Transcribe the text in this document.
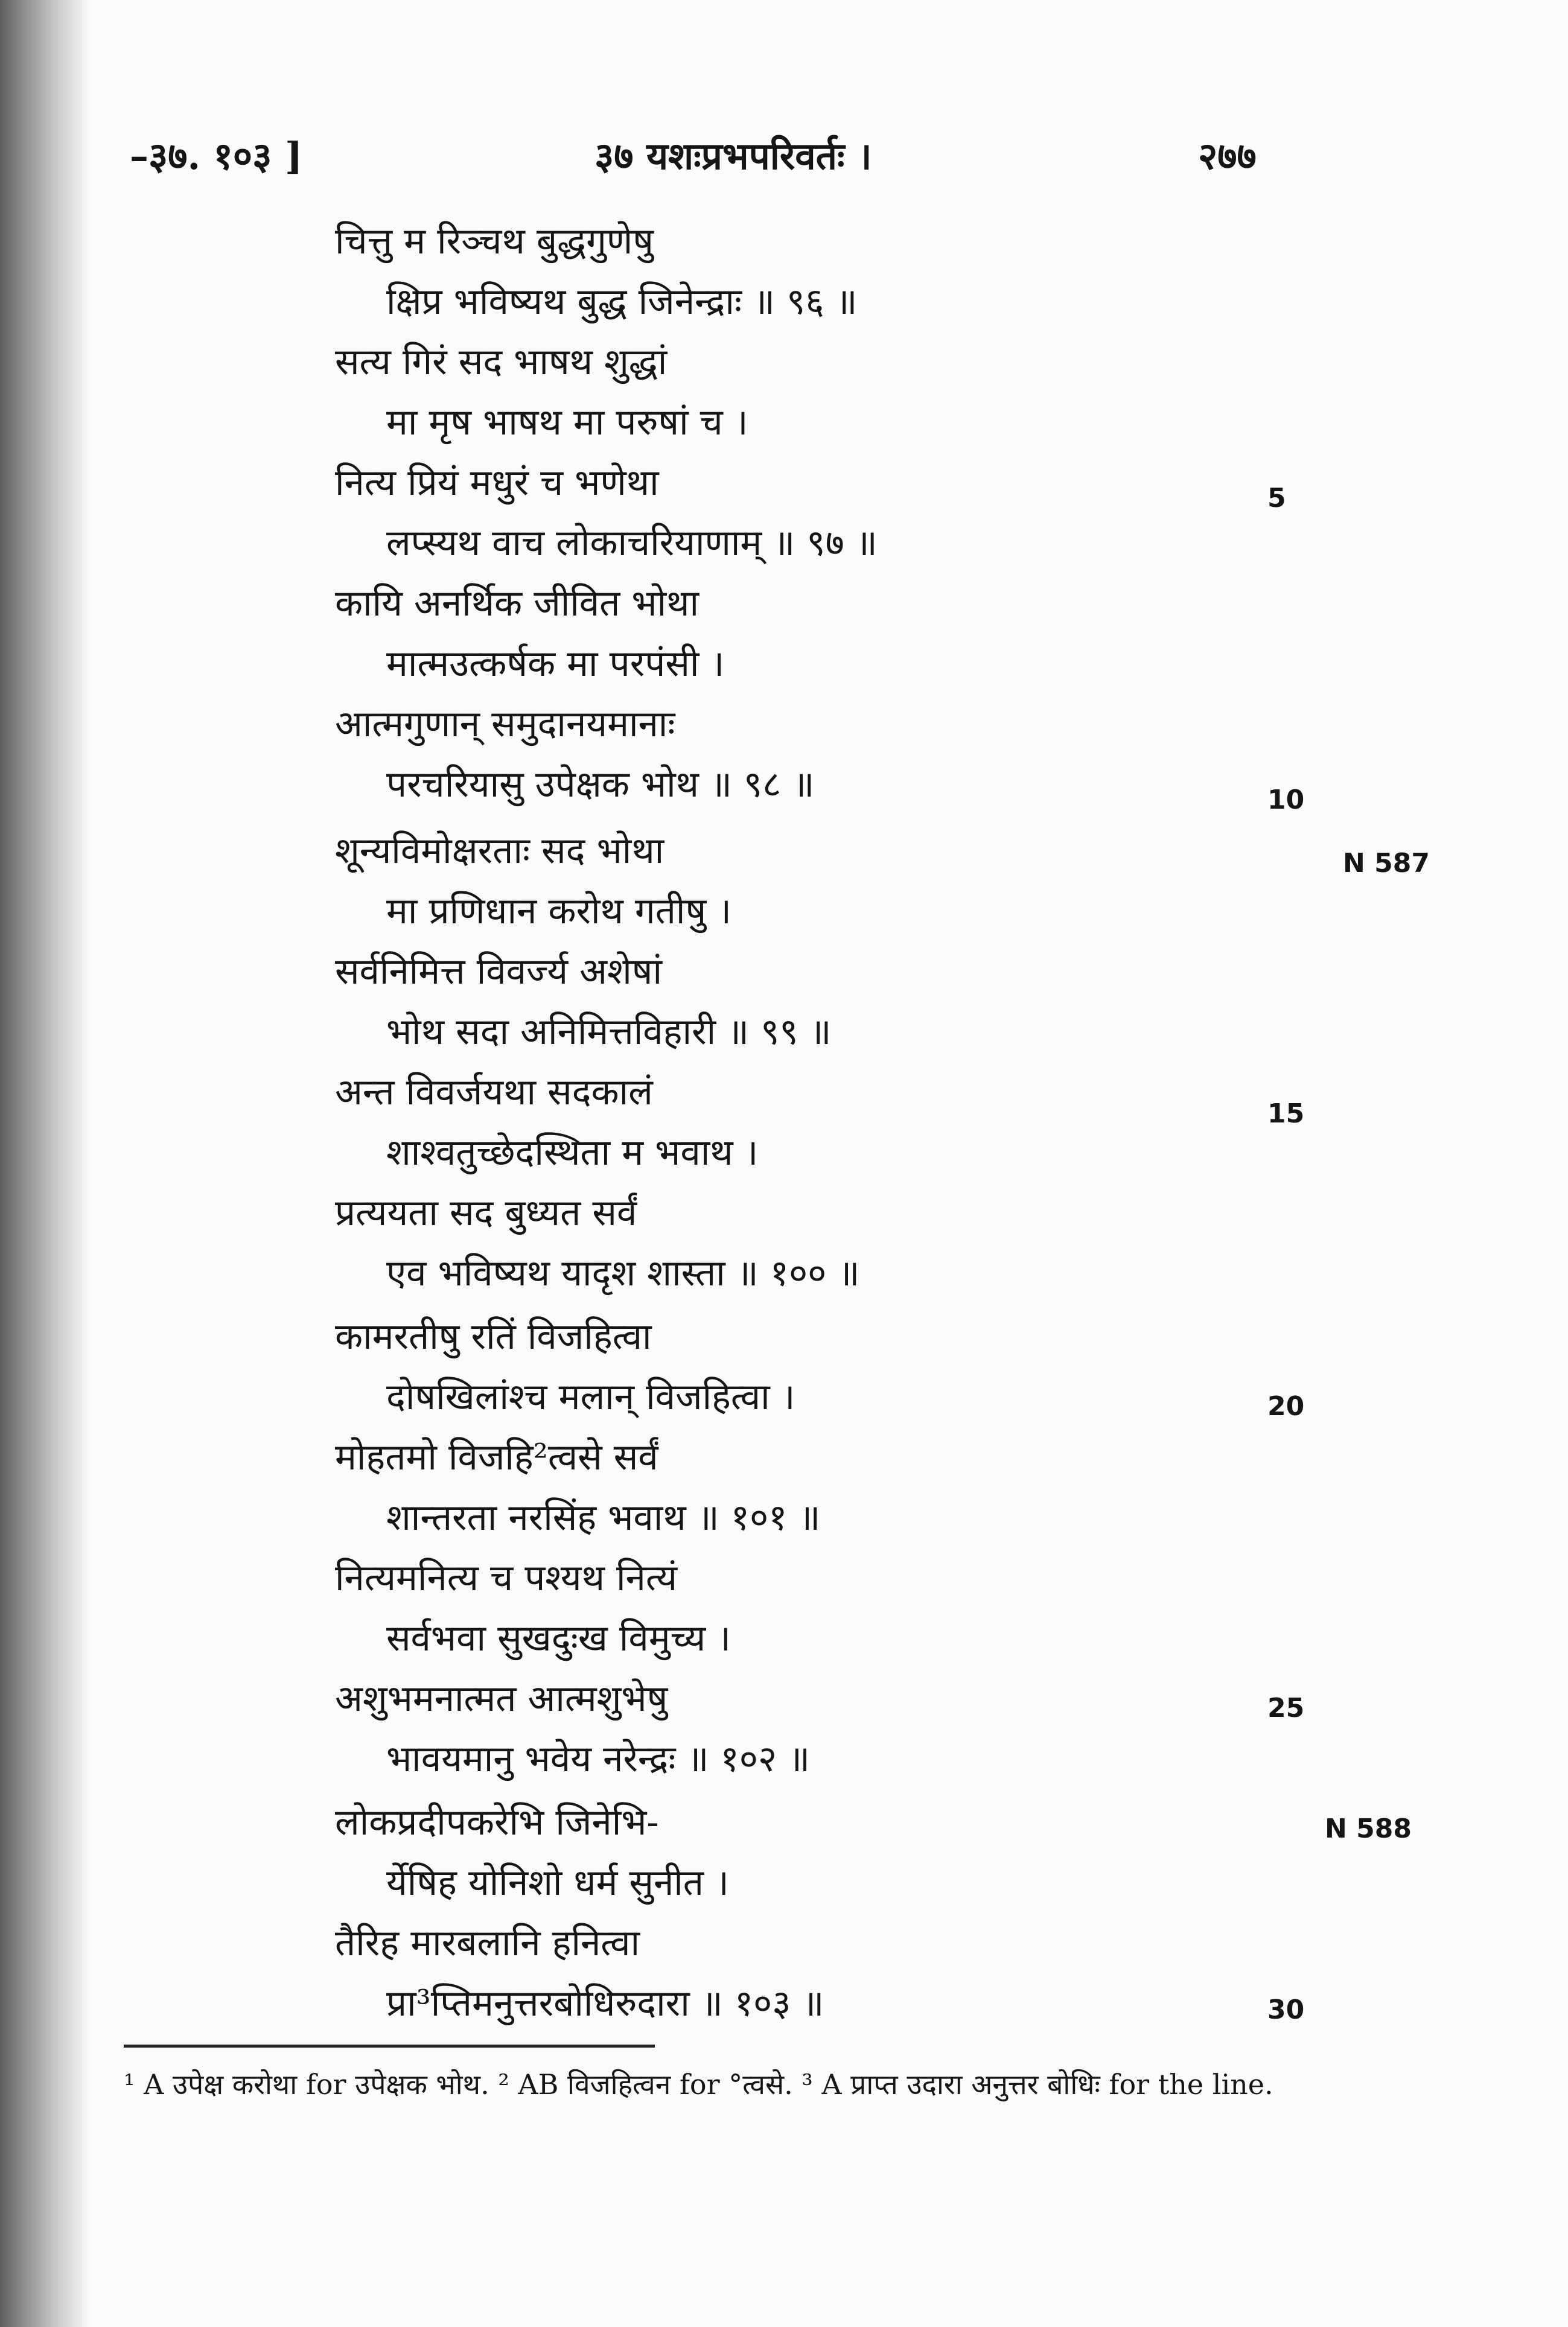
–३७. १०३ ]	३७ यशःप्रभपरिवर्तः ।	२७७
चित्तु म रिञ्चथ बुद्धगुणेषु
क्षिप्र भविष्यथ बुद्ध जिनेन्द्राः ॥ ९६ ॥
सत्य गिरं सद भाषथ शुद्धां
मा मृष भाषथ मा परुषां च ।
नित्य प्रियं मधुरं च भणेथा
लप्स्यथ वाच लोकाचरियाणाम् ॥ ९७ ॥
कायि अनर्थिक जीवित भोथा
मात्मउत्कर्षक मा परपंसी ।
आत्मगुणान् समुदानयमानाः
परचरियासु उपेक्षक भोथ ॥ ९८ ॥
शून्यविमोक्षरताः सद भोथा
मा प्रणिधान करोथ गतीषु ।
सर्वनिमित्त विवर्ज्य अशेषां
भोथ सदा अनिमित्तविहारी ॥ ९९ ॥
अन्त विवर्जयथा सदकालं
शाश्वतुच्छेदस्थिता म भवाथ ।
प्रत्ययता सद बुध्यत सर्वं
एव भविष्यथ यादृश शास्ता ॥ १०० ॥
कामरतीषु रतिं विजहित्वा
दोषखिलांश्च मलान् विजहित्वा ।
मोहतमो विजहि²त्वसे सर्वं
शान्तरता नरसिंह भवाथ ॥ १०१ ॥
नित्यमनित्य च पश्यथ नित्यं
सर्वभवा सुखदुःख विमुच्य ।
अशुभमनात्मत आत्मशुभेषु
भावयमानु भवेय नरेन्द्रः ॥ १०२ ॥
लोकप्रदीपकरेभि जिनेभि-
र्येषिह योनिशो धर्म सुनीत ।
तैरिह मारबलानि हनित्वा
प्रा³प्तिमनुत्तरबोधिरुदारा ॥ १०३ ॥
5
10
15
20
25
30
N 587
N 588
¹ A उपेक्ष करोथा for उपेक्षक भोथ. ² AB विजहित्वन for °त्वसे. ³ A प्राप्त उदारा अनुत्तर बोधिः for the line.
